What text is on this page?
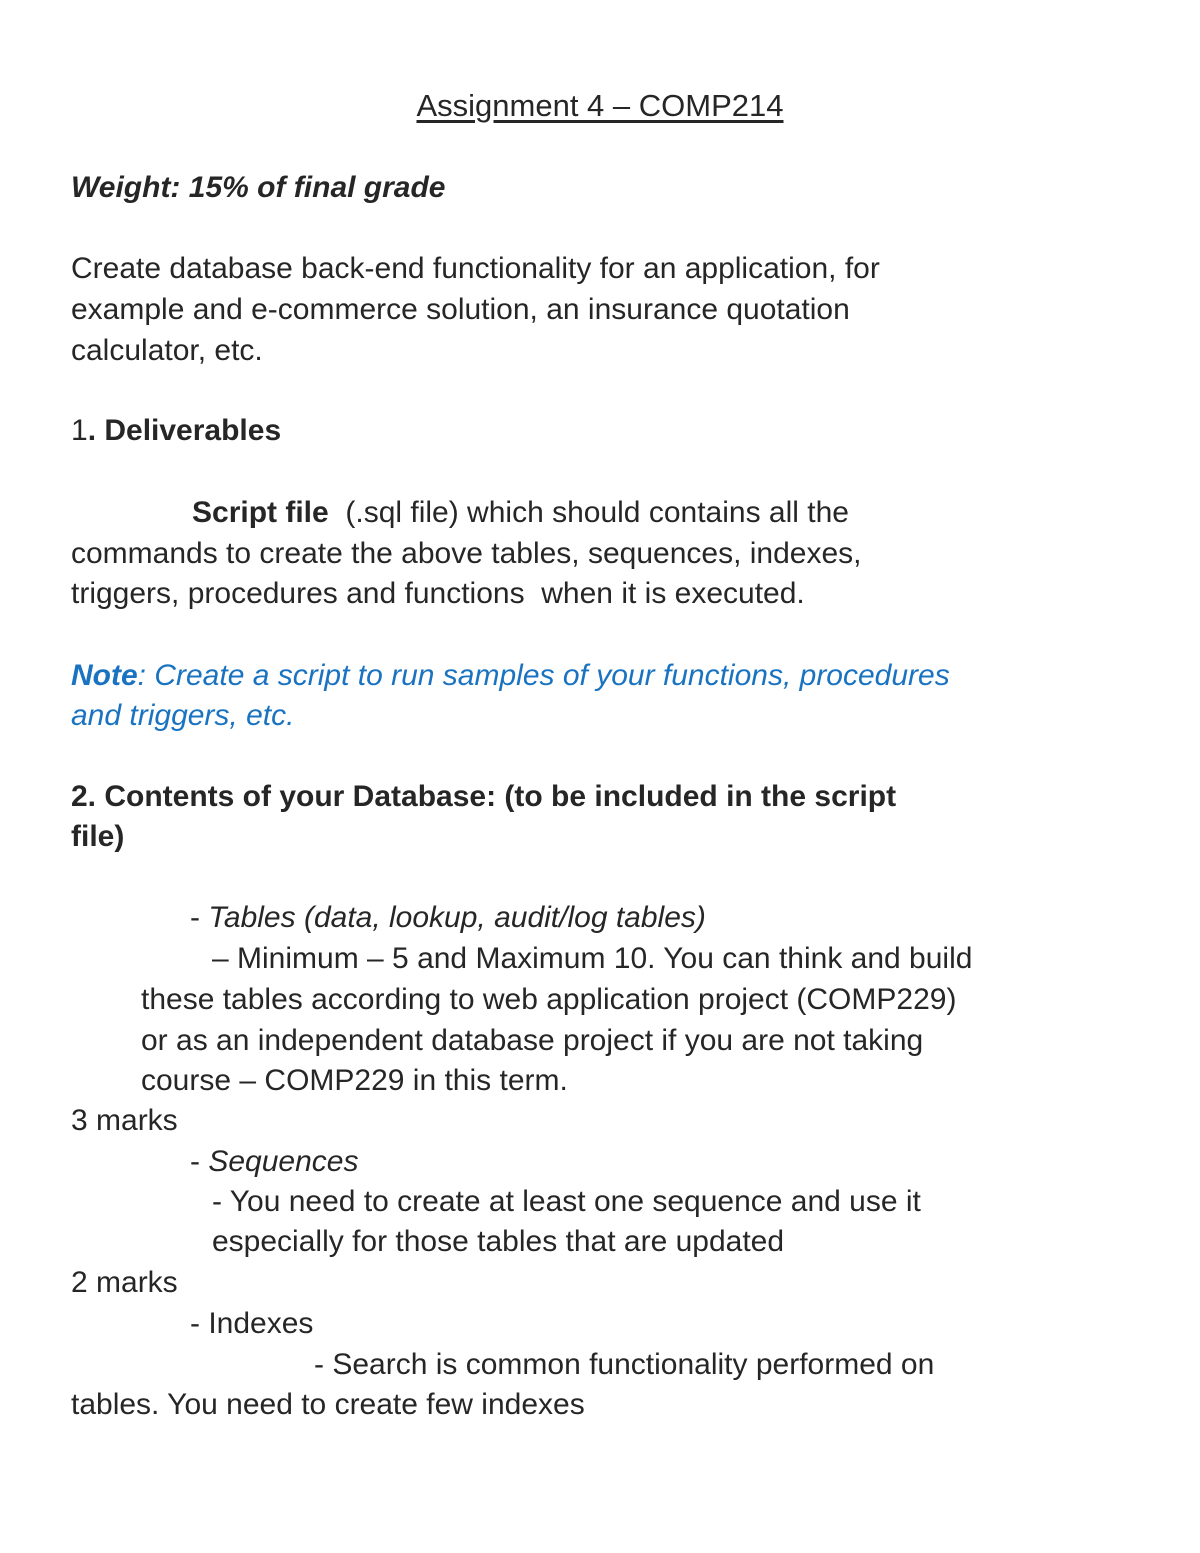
Assignment 4 – COMP214
Weight: 15% of final grade
Create database back-end functionality for an application, for
example and e-commerce solution, an insurance quotation
calculator, etc.
1. Deliverables
Script file  (.sql file) which should contains all the
commands to create the above tables, sequences, indexes,
triggers, procedures and functions  when it is executed.
Note: Create a script to run samples of your functions, procedures
and triggers, etc.
2. Contents of your Database: (to be included in the script
file)
- Tables (data, lookup, audit/log tables)
– Minimum – 5 and Maximum 10. You can think and build
these tables according to web application project (COMP229)
or as an independent database project if you are not taking
course – COMP229 in this term.
3 marks
- Sequences
- You need to create at least one sequence and use it
especially for those tables that are updated
2 marks
- Indexes
- Search is common functionality performed on
tables. You need to create few indexes
